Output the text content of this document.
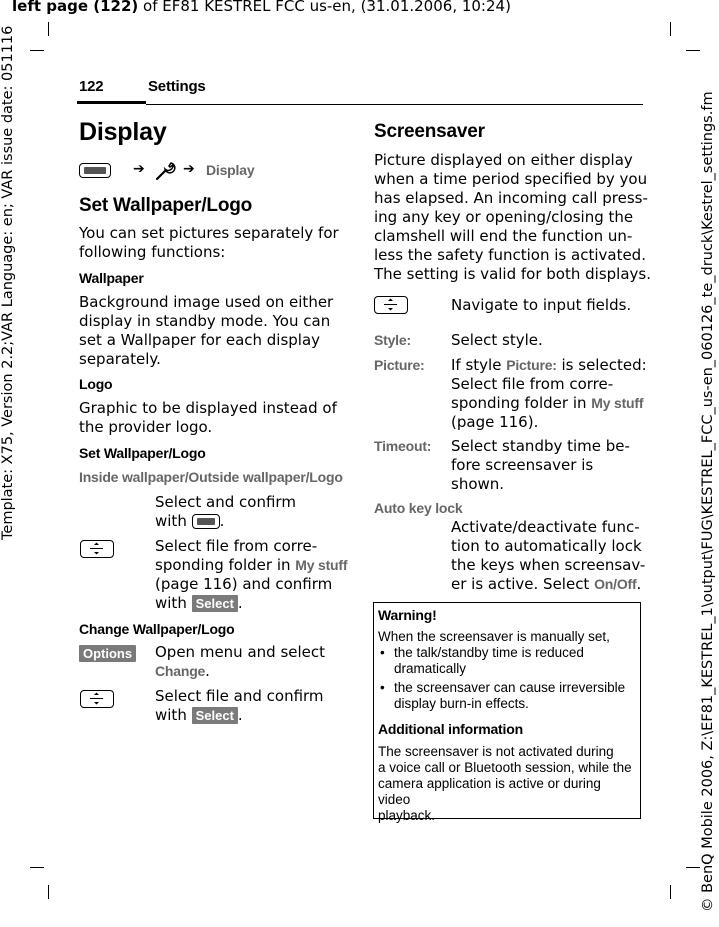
left page (122) of EF81 KESTREL FCC us-en, (31.01.2006, 10:24)
Template: X75, Version 2.2;VAR Language: en; VAR issue date: 051116	© BenQ Mobile 2006, Z:\EF81_KESTREL_1\output\FUG\KESTREL_FCC_us-en_060126_te_druck\Kestrel_settings.fm
122	Settings
Display
➔	➔ Display
Set Wallpaper/Logo
You can set pictures separately for
following functions:
Wallpaper
Background image used on either
display in standby mode. You can
set a Wallpaper for each display
separately.
Logo
Graphic to be displayed instead of
the provider logo.
Set Wallpaper/Logo
Inside wallpaper/Outside wallpaper/Logo
Select and confirm
with .
Select file from corre-
sponding folder in My stuff
(page 116) and confirm
with Select .
Change Wallpaper/Logo
Options Open menu and select
Change.
Select file and confirm
with Select .
Screensaver
Picture displayed on either display
when a time period specified by you
has elapsed. An incoming call press-
ing any key or opening/closing the
clamshell will end the function un-
less the safety function is activated.
The setting is valid for both displays.
Navigate to input fields.
Style:	Select style.
Picture: If style Picture: is selected:
Select file from corre-
sponding folder in My stuff
(page 116).
Timeout: Select standby time be-
fore screensaver is
shown.
Auto key lock
Activate/deactivate func-
tion to automatically lock
the keys when screensav-
er is active. Select On/Off.
Warning!
When the screensaver is manually set,
• the talk/standby time is reduced
dramatically
• the screensaver can cause irreversible
display burn-in effects.
Additional information
The screensaver is not activated during
a voice call or Bluetooth session, while the
camera application is active or during video
playback.
